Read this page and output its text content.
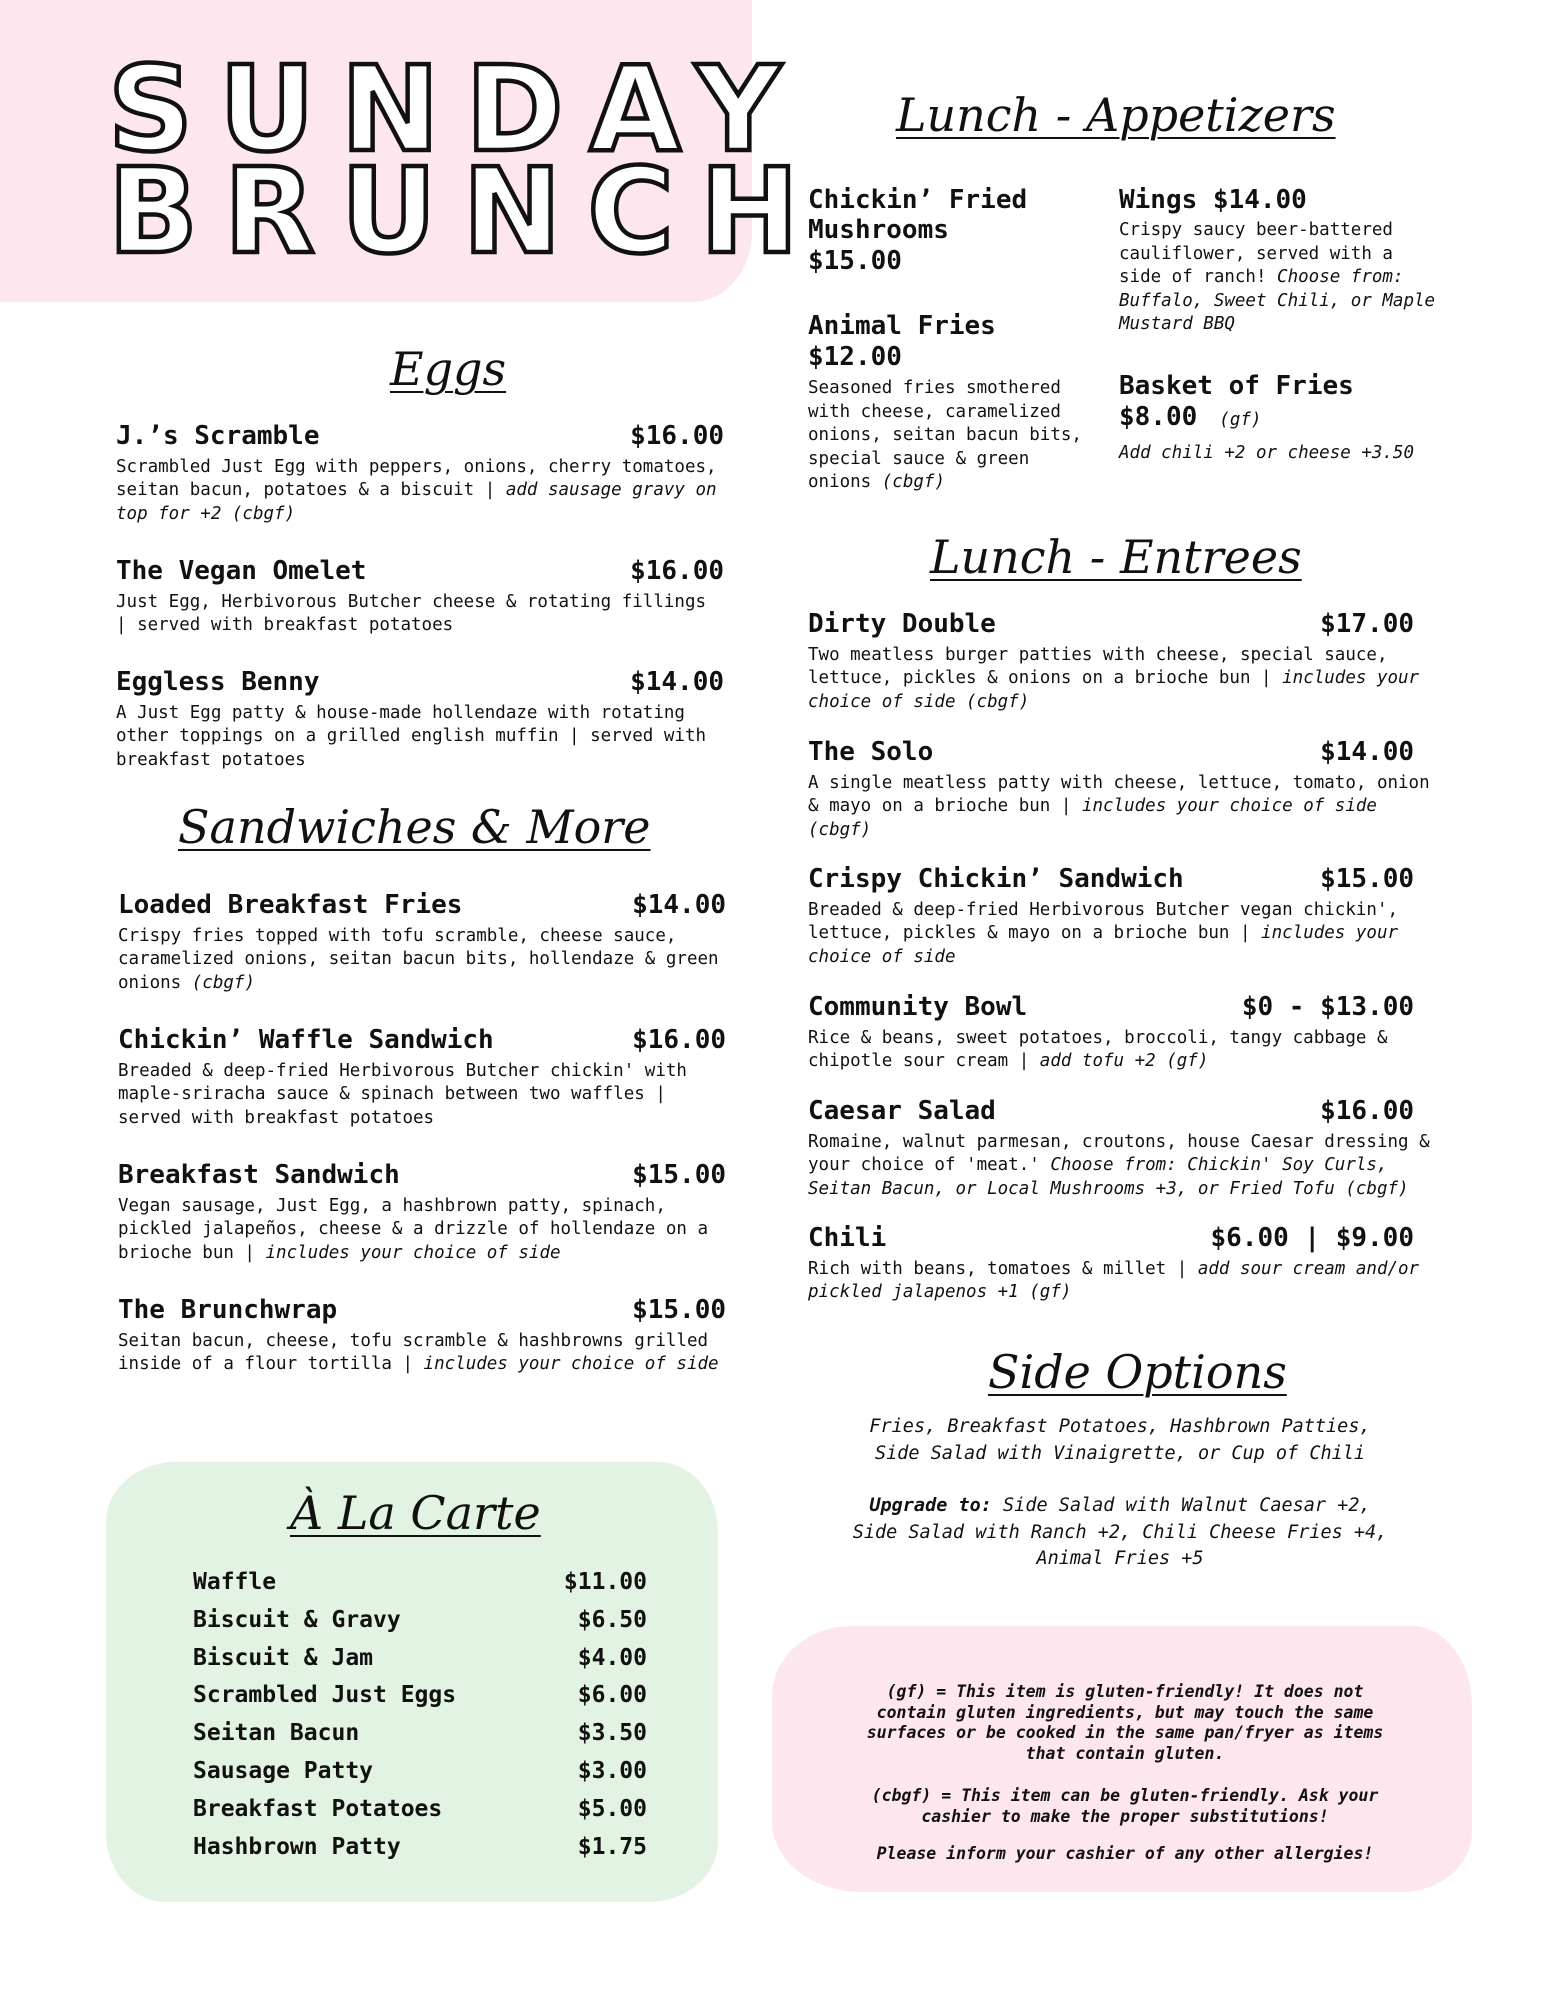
SUNDAY
BRUNCH
Eggs
J.’s Scramble	$16.00
Scrambled Just Egg with peppers, onions, cherry tomatoes, seitan bacun, potatoes & a biscuit | add sausage gravy on top for +2 (cbgf)
The Vegan Omelet	$16.00
Just Egg, Herbivorous Butcher cheese & rotating fillings | served with breakfast potatoes
Eggless Benny	$14.00
A Just Egg patty & house-made hollendaze with rotating other toppings on a grilled english muffin | served with breakfast potatoes
Sandwiches & More
Loaded Breakfast Fries	$14.00
Crispy fries topped with tofu scramble, cheese sauce, caramelized onions, seitan bacun bits, hollendaze & green onions (cbgf)
Chickin’ Waffle Sandwich	$16.00
Breaded & deep-fried Herbivorous Butcher chickin' with maple-sriracha sauce & spinach between two waffles | served with breakfast potatoes
Breakfast Sandwich	$15.00
Vegan sausage, Just Egg, a hashbrown patty, spinach, pickled jalapeños, cheese & a drizzle of hollendaze on a brioche bun | includes your choice of side
The Brunchwrap	$15.00
Seitan bacun, cheese, tofu scramble & hashbrowns grilled inside of a flour tortilla | includes your choice of side
À La Carte
Waffle	$11.00
Biscuit & Gravy	$6.50
Biscuit & Jam	$4.00
Scrambled Just Eggs	$6.00
Seitan Bacun	$3.50
Sausage Patty	$3.00
Breakfast Potatoes	$5.00
Hashbrown Patty	$1.75
Lunch - Appetizers
Chickin’ Fried
Mushrooms
$15.00
Animal Fries
$12.00
Seasoned fries smothered with cheese, caramelized onions, seitan bacun bits, special sauce & green onions (cbgf)
Wings $14.00
Crispy saucy beer-battered cauliflower, served with a side of ranch! Choose from: Buffalo, Sweet Chili, or Maple Mustard BBQ
Basket of Fries
$8.00 (gf)
Add chili +2 or cheese +3.50
Lunch - Entrees
Dirty Double	$17.00
Two meatless burger patties with cheese, special sauce, lettuce, pickles & onions on a brioche bun | includes your choice of side (cbgf)
The Solo	$14.00
A single meatless patty with cheese, lettuce, tomato, onion & mayo on a brioche bun | includes your choice of side (cbgf)
Crispy Chickin’ Sandwich	$15.00
Breaded & deep-fried Herbivorous Butcher vegan chickin', lettuce, pickles & mayo on a brioche bun | includes your choice of side
Community Bowl	$0 - $13.00
Rice & beans, sweet potatoes, broccoli, tangy cabbage & chipotle sour cream | add tofu +2 (gf)
Caesar Salad	$16.00
Romaine, walnut parmesan, croutons, house Caesar dressing & your choice of 'meat.' Choose from: Chickin' Soy Curls, Seitan Bacun, or Local Mushrooms +3, or Fried Tofu (cbgf)
Chili	$6.00 | $9.00
Rich with beans, tomatoes & millet | add sour cream and/or pickled jalapenos +1 (gf)
Side Options
Fries, Breakfast Potatoes, Hashbrown Patties,
Side Salad with Vinaigrette, or Cup of Chili
Upgrade to: Side Salad with Walnut Caesar +2,
Side Salad with Ranch +2, Chili Cheese Fries +4,
Animal Fries +5
(gf) = This item is gluten-friendly! It does not
contain gluten ingredients, but may touch the same
surfaces or be cooked in the same pan/fryer as items
that contain gluten.
(cbgf) = This item can be gluten-friendly. Ask your
cashier to make the proper substitutions!
Please inform your cashier of any other allergies!
